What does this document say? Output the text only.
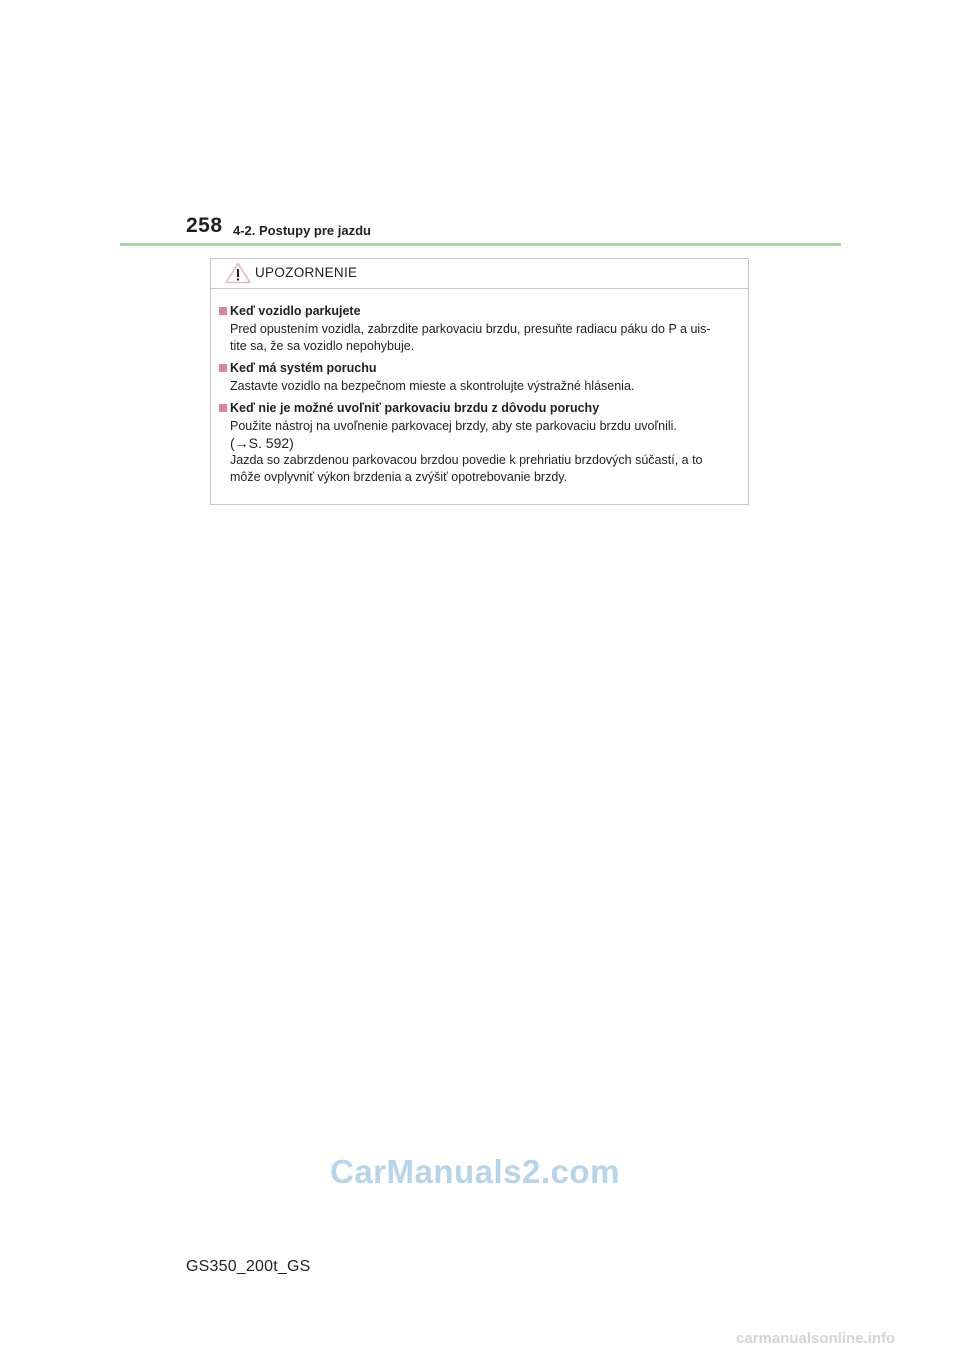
258 4-2. Postupy pre jazdu
UPOZORNENIE
Keď vozidlo parkujete
Pred opustením vozidla, zabrzdite parkovaciu brzdu, presuňte radiacu páku do P a uis-
tite sa, že sa vozidlo nepohybuje.
Keď má systém poruchu
Zastavte vozidlo na bezpečnom mieste a skontrolujte výstražné hlásenia.
Keď nie je možné uvoľniť parkovaciu brzdu z dôvodu poruchy
Použite nástroj na uvoľnenie parkovacej brzdy, aby ste parkovaciu brzdu uvoľnili.
(→S. 592)
Jazda so zabrzdenou parkovacou brzdou povedie k prehriatiu brzdových súčastí, a to
môže ovplyvniť výkon brzdenia a zvýšiť opotrebovanie brzdy.
CarManuals2.com
GS350_200t_GS
carmanualsonline.info
